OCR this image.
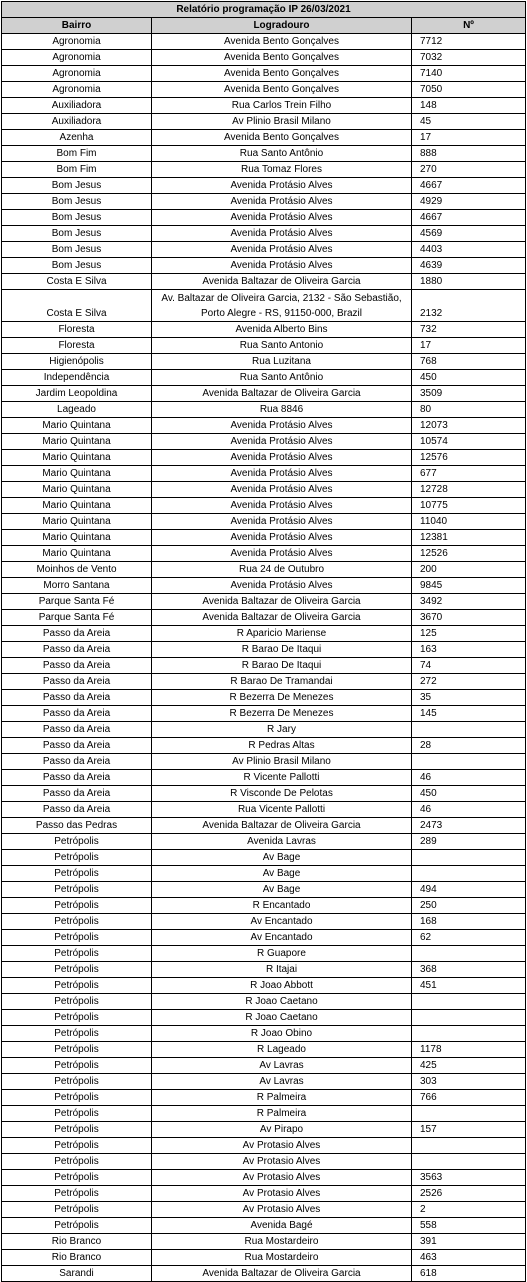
Relatório programação IP 26/03/2021		
Bairro	Logradouro	Nº
Agronomia	Avenida Bento Gonçalves	7712
Agronomia	Avenida Bento Gonçalves	7032
Agronomia	Avenida Bento Gonçalves	7140
Agronomia	Avenida Bento Gonçalves	7050
Auxiliadora	Rua Carlos Trein Filho	148
Auxiliadora	Av Plinio Brasil Milano	45
Azenha	Avenida Bento Gonçalves	17
Bom Fim	Rua Santo Antônio	888
Bom Fim	Rua Tomaz Flores	270
Bom Jesus	Avenida Protásio Alves	4667
Bom Jesus	Avenida Protásio Alves	4929
Bom Jesus	Avenida Protásio Alves	4667
Bom Jesus	Avenida Protásio Alves	4569
Bom Jesus	Avenida Protásio Alves	4403
Bom Jesus	Avenida Protásio Alves	4639
Costa E Silva	Avenida Baltazar de Oliveira Garcia	1880
Costa E Silva	Av. Baltazar de Oliveira Garcia, 2132 - São Sebastião, Porto Alegre - RS, 91150-000, Brazil	2132
Floresta	Avenida Alberto Bins	732
Floresta	Rua Santo Antonio	17
Higienópolis	Rua Luzitana	768
Independência	Rua Santo Antônio	450
Jardim Leopoldina	Avenida Baltazar de Oliveira Garcia	3509
Lageado	Rua 8846	80
Mario Quintana	Avenida Protásio Alves	12073
Mario Quintana	Avenida Protásio Alves	10574
Mario Quintana	Avenida Protásio Alves	12576
Mario Quintana	Avenida Protásio Alves	677
Mario Quintana	Avenida Protásio Alves	12728
Mario Quintana	Avenida Protásio Alves	10775
Mario Quintana	Avenida Protásio Alves	11040
Mario Quintana	Avenida Protásio Alves	12381
Mario Quintana	Avenida Protásio Alves	12526
Moinhos de Vento	Rua 24 de Outubro	200
Morro Santana	Avenida Protásio Alves	9845
Parque Santa Fé	Avenida Baltazar de Oliveira Garcia	3492
Parque Santa Fé	Avenida Baltazar de Oliveira Garcia	3670
Passo da Areia	R Aparicio Mariense	125
Passo da Areia	R Barao De Itaqui	163
Passo da Areia	R Barao De Itaqui	74
Passo da Areia	R Barao De Tramandai	272
Passo da Areia	R Bezerra De Menezes	35
Passo da Areia	R Bezerra De Menezes	145
Passo da Areia	R Jary	
Passo da Areia	R Pedras Altas	28
Passo da Areia	Av Plinio Brasil Milano	
Passo da Areia	R Vicente Pallotti	46
Passo da Areia	R Visconde De Pelotas	450
Passo da Areia	Rua Vicente Pallotti	46
Passo das Pedras	Avenida Baltazar de Oliveira Garcia	2473
Petrópolis	Avenida Lavras	289
Petrópolis	Av Bage	
Petrópolis	Av Bage	
Petrópolis	Av Bage	494
Petrópolis	R Encantado	250
Petrópolis	Av Encantado	168
Petrópolis	Av Encantado	62
Petrópolis	R Guapore	
Petrópolis	R Itajai	368
Petrópolis	R Joao Abbott	451
Petrópolis	R Joao Caetano	
Petrópolis	R Joao Caetano	
Petrópolis	R Joao Obino	
Petrópolis	R Lageado	1178
Petrópolis	Av Lavras	425
Petrópolis	Av Lavras	303
Petrópolis	R Palmeira	766
Petrópolis	R Palmeira	
Petrópolis	Av Pirapo	157
Petrópolis	Av Protasio Alves	
Petrópolis	Av Protasio Alves	
Petrópolis	Av Protasio Alves	3563
Petrópolis	Av Protasio Alves	2526
Petrópolis	Av Protasio Alves	2
Petrópolis	Avenida Bagé	558
Rio Branco	Rua Mostardeiro	391
Rio Branco	Rua Mostardeiro	463
Sarandi	Avenida Baltazar de Oliveira Garcia	618
